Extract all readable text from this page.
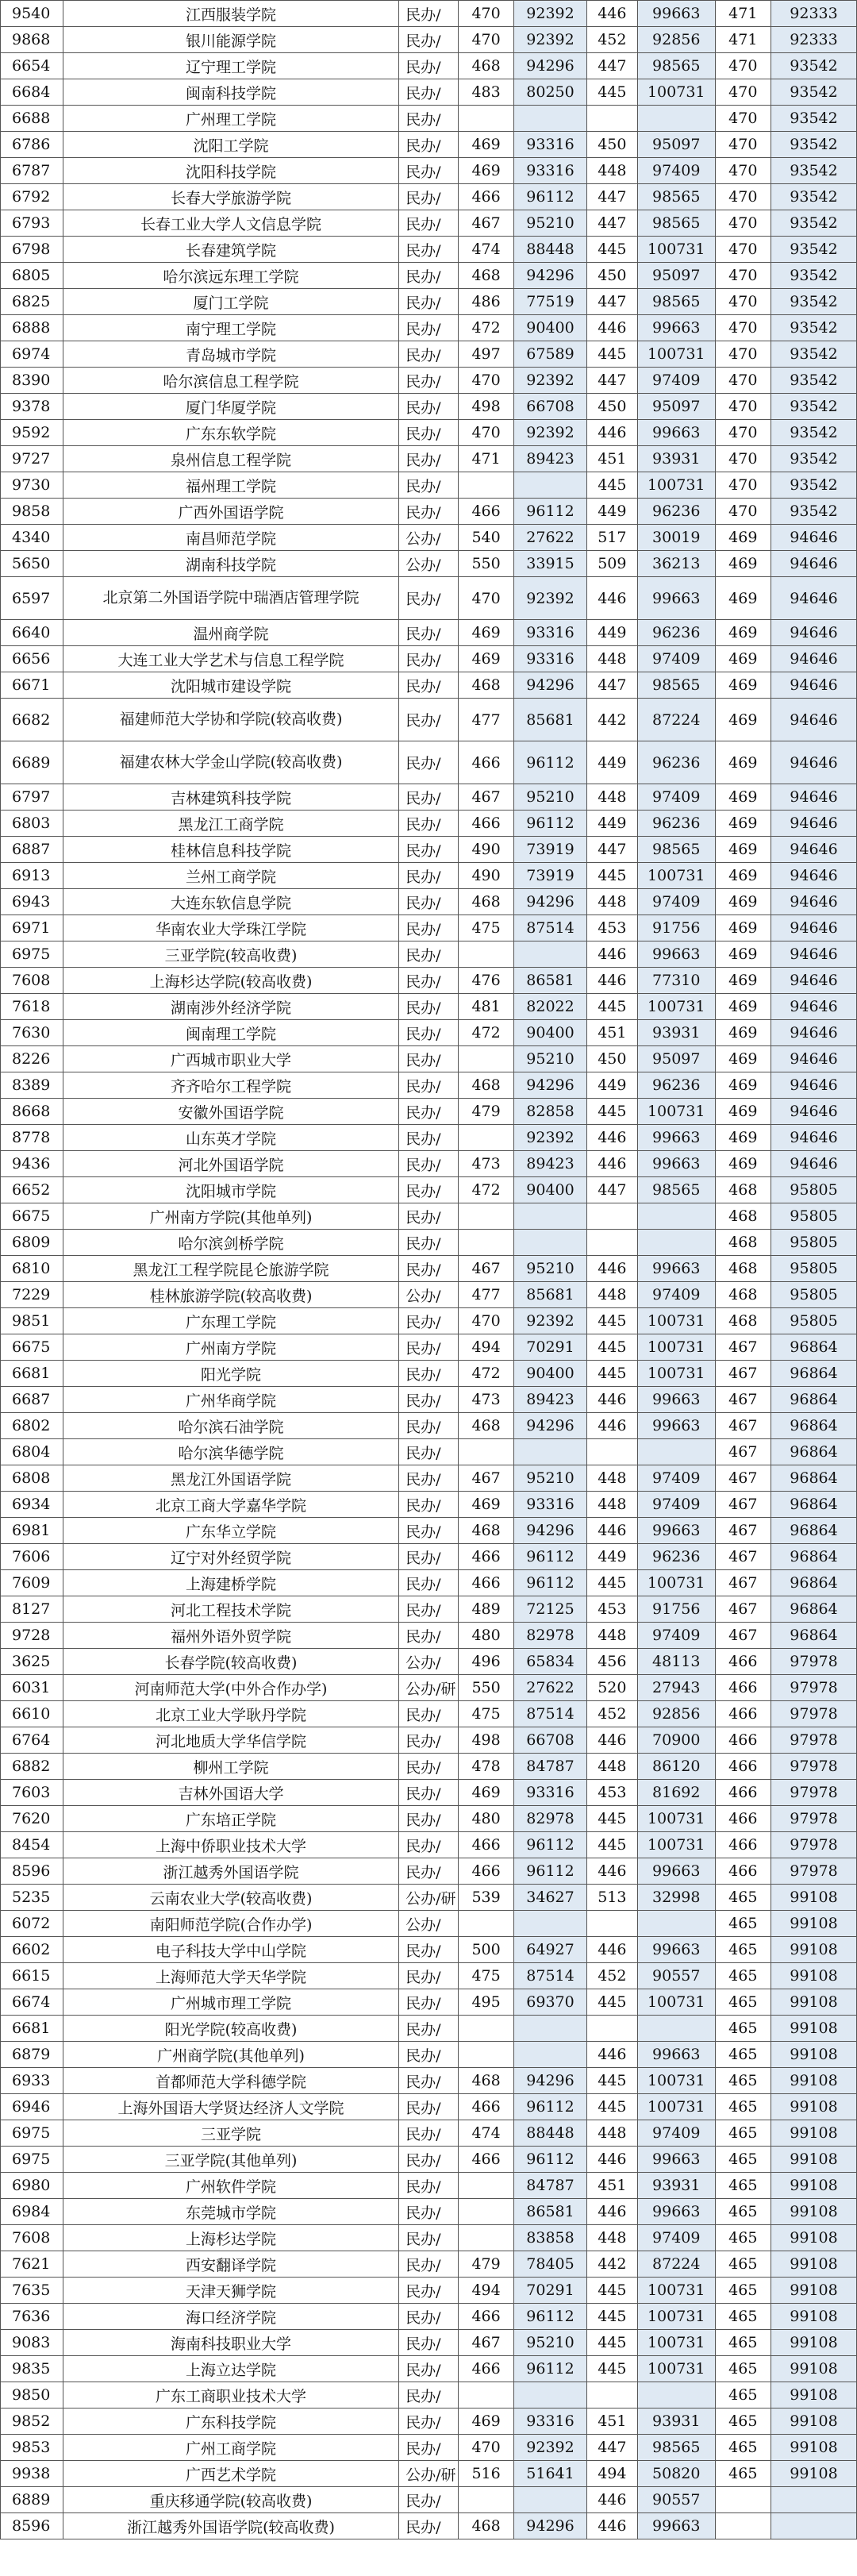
9540	江西服装学院	民办/	470	92392	446	99663	471	92333
9868	银川能源学院	民办/	470	92392	452	92856	471	92333
6654	辽宁理工学院	民办/	468	94296	447	98565	470	93542
6684	闽南科技学院	民办/	483	80250	445	100731	470	93542
6688	广州理工学院	民办/					470	93542
6786	沈阳工学院	民办/	469	93316	450	95097	470	93542
6787	沈阳科技学院	民办/	469	93316	448	97409	470	93542
6792	长春大学旅游学院	民办/	466	96112	447	98565	470	93542
6793	长春工业大学人文信息学院	民办/	467	95210	447	98565	470	93542
6798	长春建筑学院	民办/	474	88448	445	100731	470	93542
6805	哈尔滨远东理工学院	民办/	468	94296	450	95097	470	93542
6825	厦门工学院	民办/	486	77519	447	98565	470	93542
6888	南宁理工学院	民办/	472	90400	446	99663	470	93542
6974	青岛城市学院	民办/	497	67589	445	100731	470	93542
8390	哈尔滨信息工程学院	民办/	470	92392	447	97409	470	93542
9378	厦门华厦学院	民办/	498	66708	450	95097	470	93542
9592	广东东软学院	民办/	470	92392	446	99663	470	93542
9727	泉州信息工程学院	民办/	471	89423	451	93931	470	93542
9730	福州理工学院	民办/			445	100731	470	93542
9858	广西外国语学院	民办/	466	96112	449	96236	470	93542
4340	南昌师范学院	公办/	540	27622	517	30019	469	94646
5650	湖南科技学院	公办/	550	33915	509	36213	469	94646
6597	北京第二外国语学院中瑞酒店管理学院	民办/	470	92392	446	99663	469	94646
6640	温州商学院	民办/	469	93316	449	96236	469	94646
6656	大连工业大学艺术与信息工程学院	民办/	469	93316	448	97409	469	94646
6671	沈阳城市建设学院	民办/	468	94296	447	98565	469	94646
6682	福建师范大学协和学院(较高收费)	民办/	477	85681	442	87224	469	94646
6689	福建农林大学金山学院(较高收费)	民办/	466	96112	449	96236	469	94646
6797	吉林建筑科技学院	民办/	467	95210	448	97409	469	94646
6803	黑龙江工商学院	民办/	466	96112	449	96236	469	94646
6887	桂林信息科技学院	民办/	490	73919	447	98565	469	94646
6913	兰州工商学院	民办/	490	73919	445	100731	469	94646
6943	大连东软信息学院	民办/	468	94296	448	97409	469	94646
6971	华南农业大学珠江学院	民办/	475	87514	453	91756	469	94646
6975	三亚学院(较高收费)	民办/			446	99663	469	94646
7608	上海杉达学院(较高收费)	民办/	476	86581	446	77310	469	94646
7618	湖南涉外经济学院	民办/	481	82022	445	100731	469	94646
7630	闽南理工学院	民办/	472	90400	451	93931	469	94646
8226	广西城市职业大学	民办/		95210	450	95097	469	94646
8389	齐齐哈尔工程学院	民办/	468	94296	449	96236	469	94646
8668	安徽外国语学院	民办/	479	82858	445	100731	469	94646
8778	山东英才学院	民办/		92392	446	99663	469	94646
9436	河北外国语学院	民办/	473	89423	446	99663	469	94646
6652	沈阳城市学院	民办/	472	90400	447	98565	468	95805
6675	广州南方学院(其他单列)	民办/					468	95805
6809	哈尔滨剑桥学院	民办/					468	95805
6810	黑龙江工程学院昆仑旅游学院	民办/	467	95210	446	99663	468	95805
7229	桂林旅游学院(较高收费)	公办/	477	85681	448	97409	468	95805
9851	广东理工学院	民办/	470	92392	445	100731	468	95805
6675	广州南方学院	民办/	494	70291	445	100731	467	96864
6681	阳光学院	民办/	472	90400	445	100731	467	96864
6687	广州华商学院	民办/	473	89423	446	99663	467	96864
6802	哈尔滨石油学院	民办/	468	94296	446	99663	467	96864
6804	哈尔滨华德学院	民办/					467	96864
6808	黑龙江外国语学院	民办/	467	95210	448	97409	467	96864
6934	北京工商大学嘉华学院	民办/	469	93316	448	97409	467	96864
6981	广东华立学院	民办/	468	94296	446	99663	467	96864
7606	辽宁对外经贸学院	民办/	466	96112	449	96236	467	96864
7609	上海建桥学院	民办/	466	96112	445	100731	467	96864
8127	河北工程技术学院	民办/	489	72125	453	91756	467	96864
9728	福州外语外贸学院	民办/	480	82978	448	97409	467	96864
3625	长春学院(较高收费)	公办/	496	65834	456	48113	466	97978
6031	河南师范大学(中外合作办学)	公办/研	550	27622	520	27943	466	97978
6610	北京工业大学耿丹学院	民办/	475	87514	452	92856	466	97978
6764	河北地质大学华信学院	民办/	498	66708	446	70900	466	97978
6882	柳州工学院	民办/	478	84787	448	86120	466	97978
7603	吉林外国语大学	民办/	469	93316	453	81692	466	97978
7620	广东培正学院	民办/	480	82978	445	100731	466	97978
8454	上海中侨职业技术大学	民办/	466	96112	445	100731	466	97978
8596	浙江越秀外国语学院	民办/	466	96112	446	99663	466	97978
5235	云南农业大学(较高收费)	公办/研	539	34627	513	32998	465	99108
6072	南阳师范学院(合作办学)	公办/					465	99108
6602	电子科技大学中山学院	民办/	500	64927	446	99663	465	99108
6615	上海师范大学天华学院	民办/	475	87514	452	90557	465	99108
6674	广州城市理工学院	民办/	495	69370	445	100731	465	99108
6681	阳光学院(较高收费)	民办/					465	99108
6879	广州商学院(其他单列)	民办/			446	99663	465	99108
6933	首都师范大学科德学院	民办/	468	94296	445	100731	465	99108
6946	上海外国语大学贤达经济人文学院	民办/	466	96112	445	100731	465	99108
6975	三亚学院	民办/	474	88448	448	97409	465	99108
6975	三亚学院(其他单列)	民办/	466	96112	446	99663	465	99108
6980	广州软件学院	民办/		84787	451	93931	465	99108
6984	东莞城市学院	民办/		86581	446	99663	465	99108
7608	上海杉达学院	民办/		83858	448	97409	465	99108
7621	西安翻译学院	民办/	479	78405	442	87224	465	99108
7635	天津天狮学院	民办/	494	70291	445	100731	465	99108
7636	海口经济学院	民办/	466	96112	445	100731	465	99108
9083	海南科技职业大学	民办/	467	95210	445	100731	465	99108
9835	上海立达学院	民办/	466	96112	445	100731	465	99108
9850	广东工商职业技术大学	民办/					465	99108
9852	广东科技学院	民办/	469	93316	451	93931	465	99108
9853	广州工商学院	民办/	470	92392	447	98565	465	99108
9938	广西艺术学院	公办/研	516	51641	494	50820	465	99108
6889	重庆移通学院(较高收费)	民办/			446	90557		
8596	浙江越秀外国语学院(较高收费)	民办/	468	94296	446	99663		
